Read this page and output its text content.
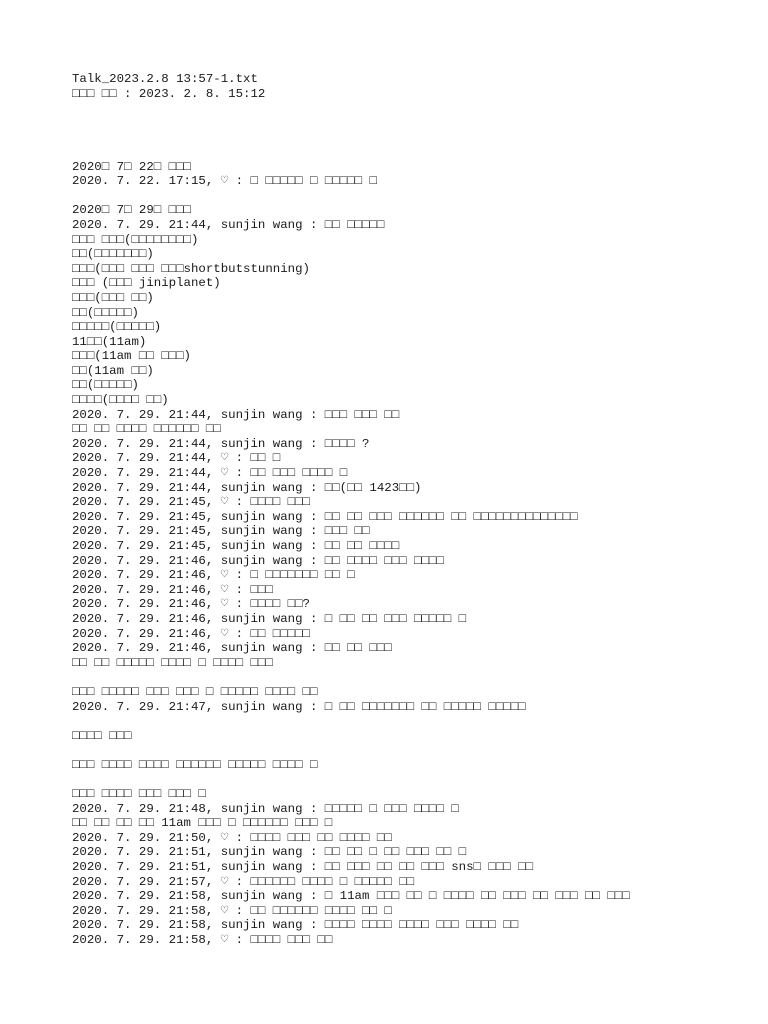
Talk_2023.2.8 13:57-1.txt
□□□ □□ : 2023. 2. 8. 15:12
2020□ 7□ 22□ □□□
2020. 7. 22. 17:15, ♡ : □ □□□□□ □ □□□□□ □
2020□ 7□ 29□ □□□
2020. 7. 29. 21:44, sunjin wang : □□ □□□□□
□□□ □□□(□□□□□□□□)
□□(□□□□□□□)
□□□(□□□ □□□ □□□shortbutstunning)
□□□ (□□□ jiniplanet)
□□□(□□□ □□)
□□(□□□□□)
□□□□□(□□□□□)
11□□(11am)
□□□(11am □□ □□□)
□□(11am □□)
□□(□□□□□)
□□□□(□□□□ □□)
2020. 7. 29. 21:44, sunjin wang : □□□ □□□ □□
□□ □□ □□□□ □□□□□□ □□
2020. 7. 29. 21:44, sunjin wang : □□□□ ?
2020. 7. 29. 21:44, ♡ : □□ □
2020. 7. 29. 21:44, ♡ : □□ □□□ □□□□ □
2020. 7. 29. 21:44, sunjin wang : □□(□□ 1423□□)
2020. 7. 29. 21:45, ♡ : □□□□ □□□
2020. 7. 29. 21:45, sunjin wang : □□ □□ □□□ □□□□□□ □□ □□□□□□□□□□□□□□
2020. 7. 29. 21:45, sunjin wang : □□□ □□
2020. 7. 29. 21:45, sunjin wang : □□ □□ □□□□
2020. 7. 29. 21:46, sunjin wang : □□ □□□□ □□□ □□□□
2020. 7. 29. 21:46, ♡ : □ □□□□□□□ □□ □
2020. 7. 29. 21:46, ♡ : □□□
2020. 7. 29. 21:46, ♡ : □□□□ □□?
2020. 7. 29. 21:46, sunjin wang : □ □□ □□ □□□ □□□□□ □
2020. 7. 29. 21:46, ♡ : □□ □□□□□
2020. 7. 29. 21:46, sunjin wang : □□ □□ □□□
□□ □□ □□□□□ □□□□ □ □□□□ □□□
□□□ □□□□□ □□□ □□□ □ □□□□□ □□□□ □□
2020. 7. 29. 21:47, sunjin wang : □ □□ □□□□□□□ □□ □□□□□ □□□□□
□□□□ □□□
□□□ □□□□ □□□□ □□□□□□ □□□□□ □□□□ □
□□□ □□□□ □□□ □□□ □
2020. 7. 29. 21:48, sunjin wang : □□□□□ □ □□□ □□□□ □
□□ □□ □□ □□ 11am □□□ □ □□□□□□ □□□ □
2020. 7. 29. 21:50, ♡ : □□□□ □□□ □□ □□□□ □□
2020. 7. 29. 21:51, sunjin wang : □□ □□ □ □□ □□□ □□ □
2020. 7. 29. 21:51, sunjin wang : □□ □□□ □□ □□ □□□ sns□ □□□ □□
2020. 7. 29. 21:57, ♡ : □□□□□□ □□□□ □ □□□□□ □□
2020. 7. 29. 21:58, sunjin wang : □ 11am □□□ □□ □ □□□□ □□ □□□ □□ □□□ □□ □□□
2020. 7. 29. 21:58, ♡ : □□ □□□□□□ □□□□ □□ □
2020. 7. 29. 21:58, sunjin wang : □□□□ □□□□ □□□□ □□□ □□□□ □□
2020. 7. 29. 21:58, ♡ : □□□□ □□□ □□
